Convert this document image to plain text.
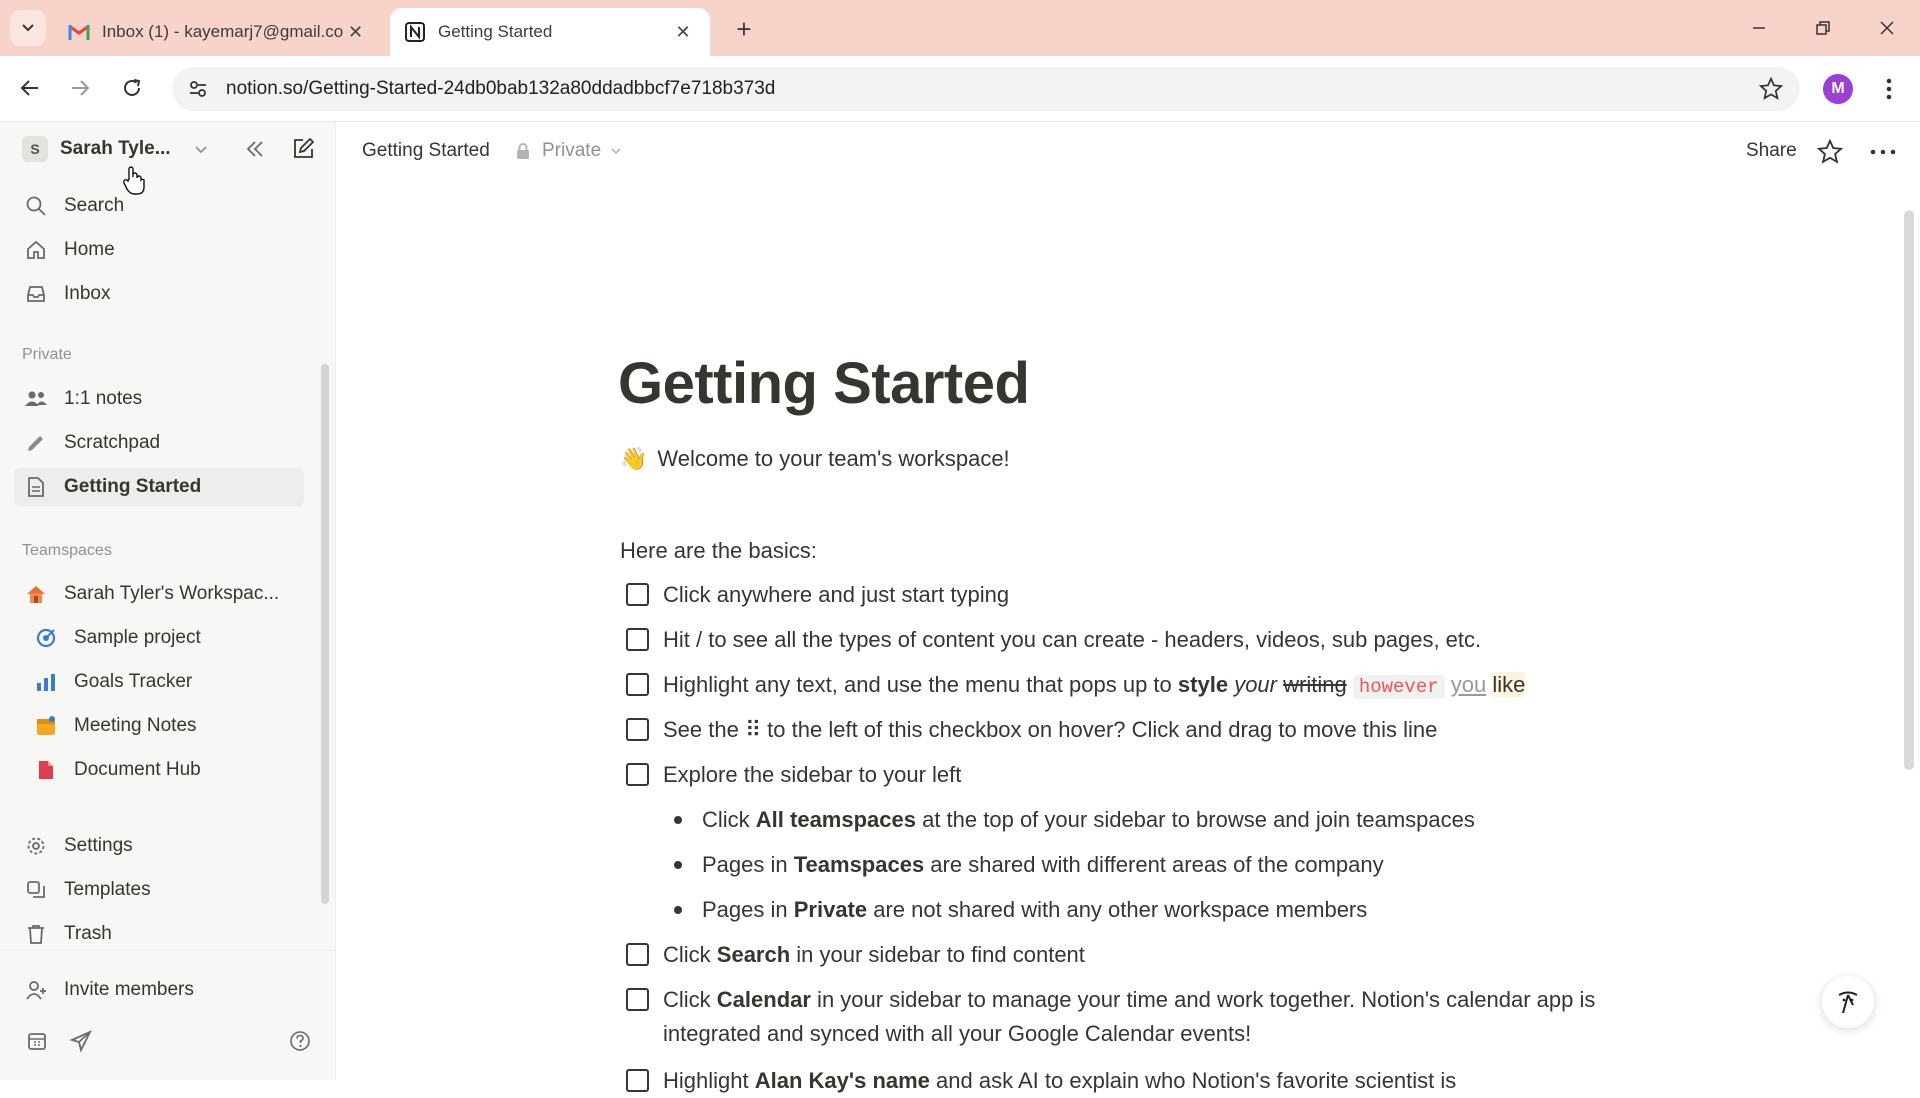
Inbox (1) - kayemarj7@gmail.co ✕	Getting Started	✕	+
notion.so/Getting-Started-24db0bab132a80ddadbbcf7e718b373d	M
S	Sarah Tyle...
Search
Home
Inbox
Private
1:1 notes
Scratchpad
Getting Started
Teamspaces
Sarah Tyler's Workspac...
Sample project
Goals Tracker
Meeting Notes
Document Hub
Settings
Templates
Trash
Invite members
Getting Started	Private	Share
Getting Started
👋 Welcome to your team's workspace!
Here are the basics:
Click anywhere and just start typing
Hit / to see all the types of content you can create - headers, videos, sub pages, etc.
Highlight any text, and use the menu that pops up to style your writing however you like
See the ⠿ to the left of this checkbox on hover? Click and drag to move this line
Explore the sidebar to your left
Click All teamspaces at the top of your sidebar to browse and join teamspaces
Pages in Teamspaces are shared with different areas of the company
Pages in Private are not shared with any other workspace members
Click Search in your sidebar to find content
Click Calendar in your sidebar to manage your time and work together. Notion's calendar app is integrated and synced with all your Google Calendar events!
Highlight Alan Kay's name and ask AI to explain who Notion's favorite scientist is
